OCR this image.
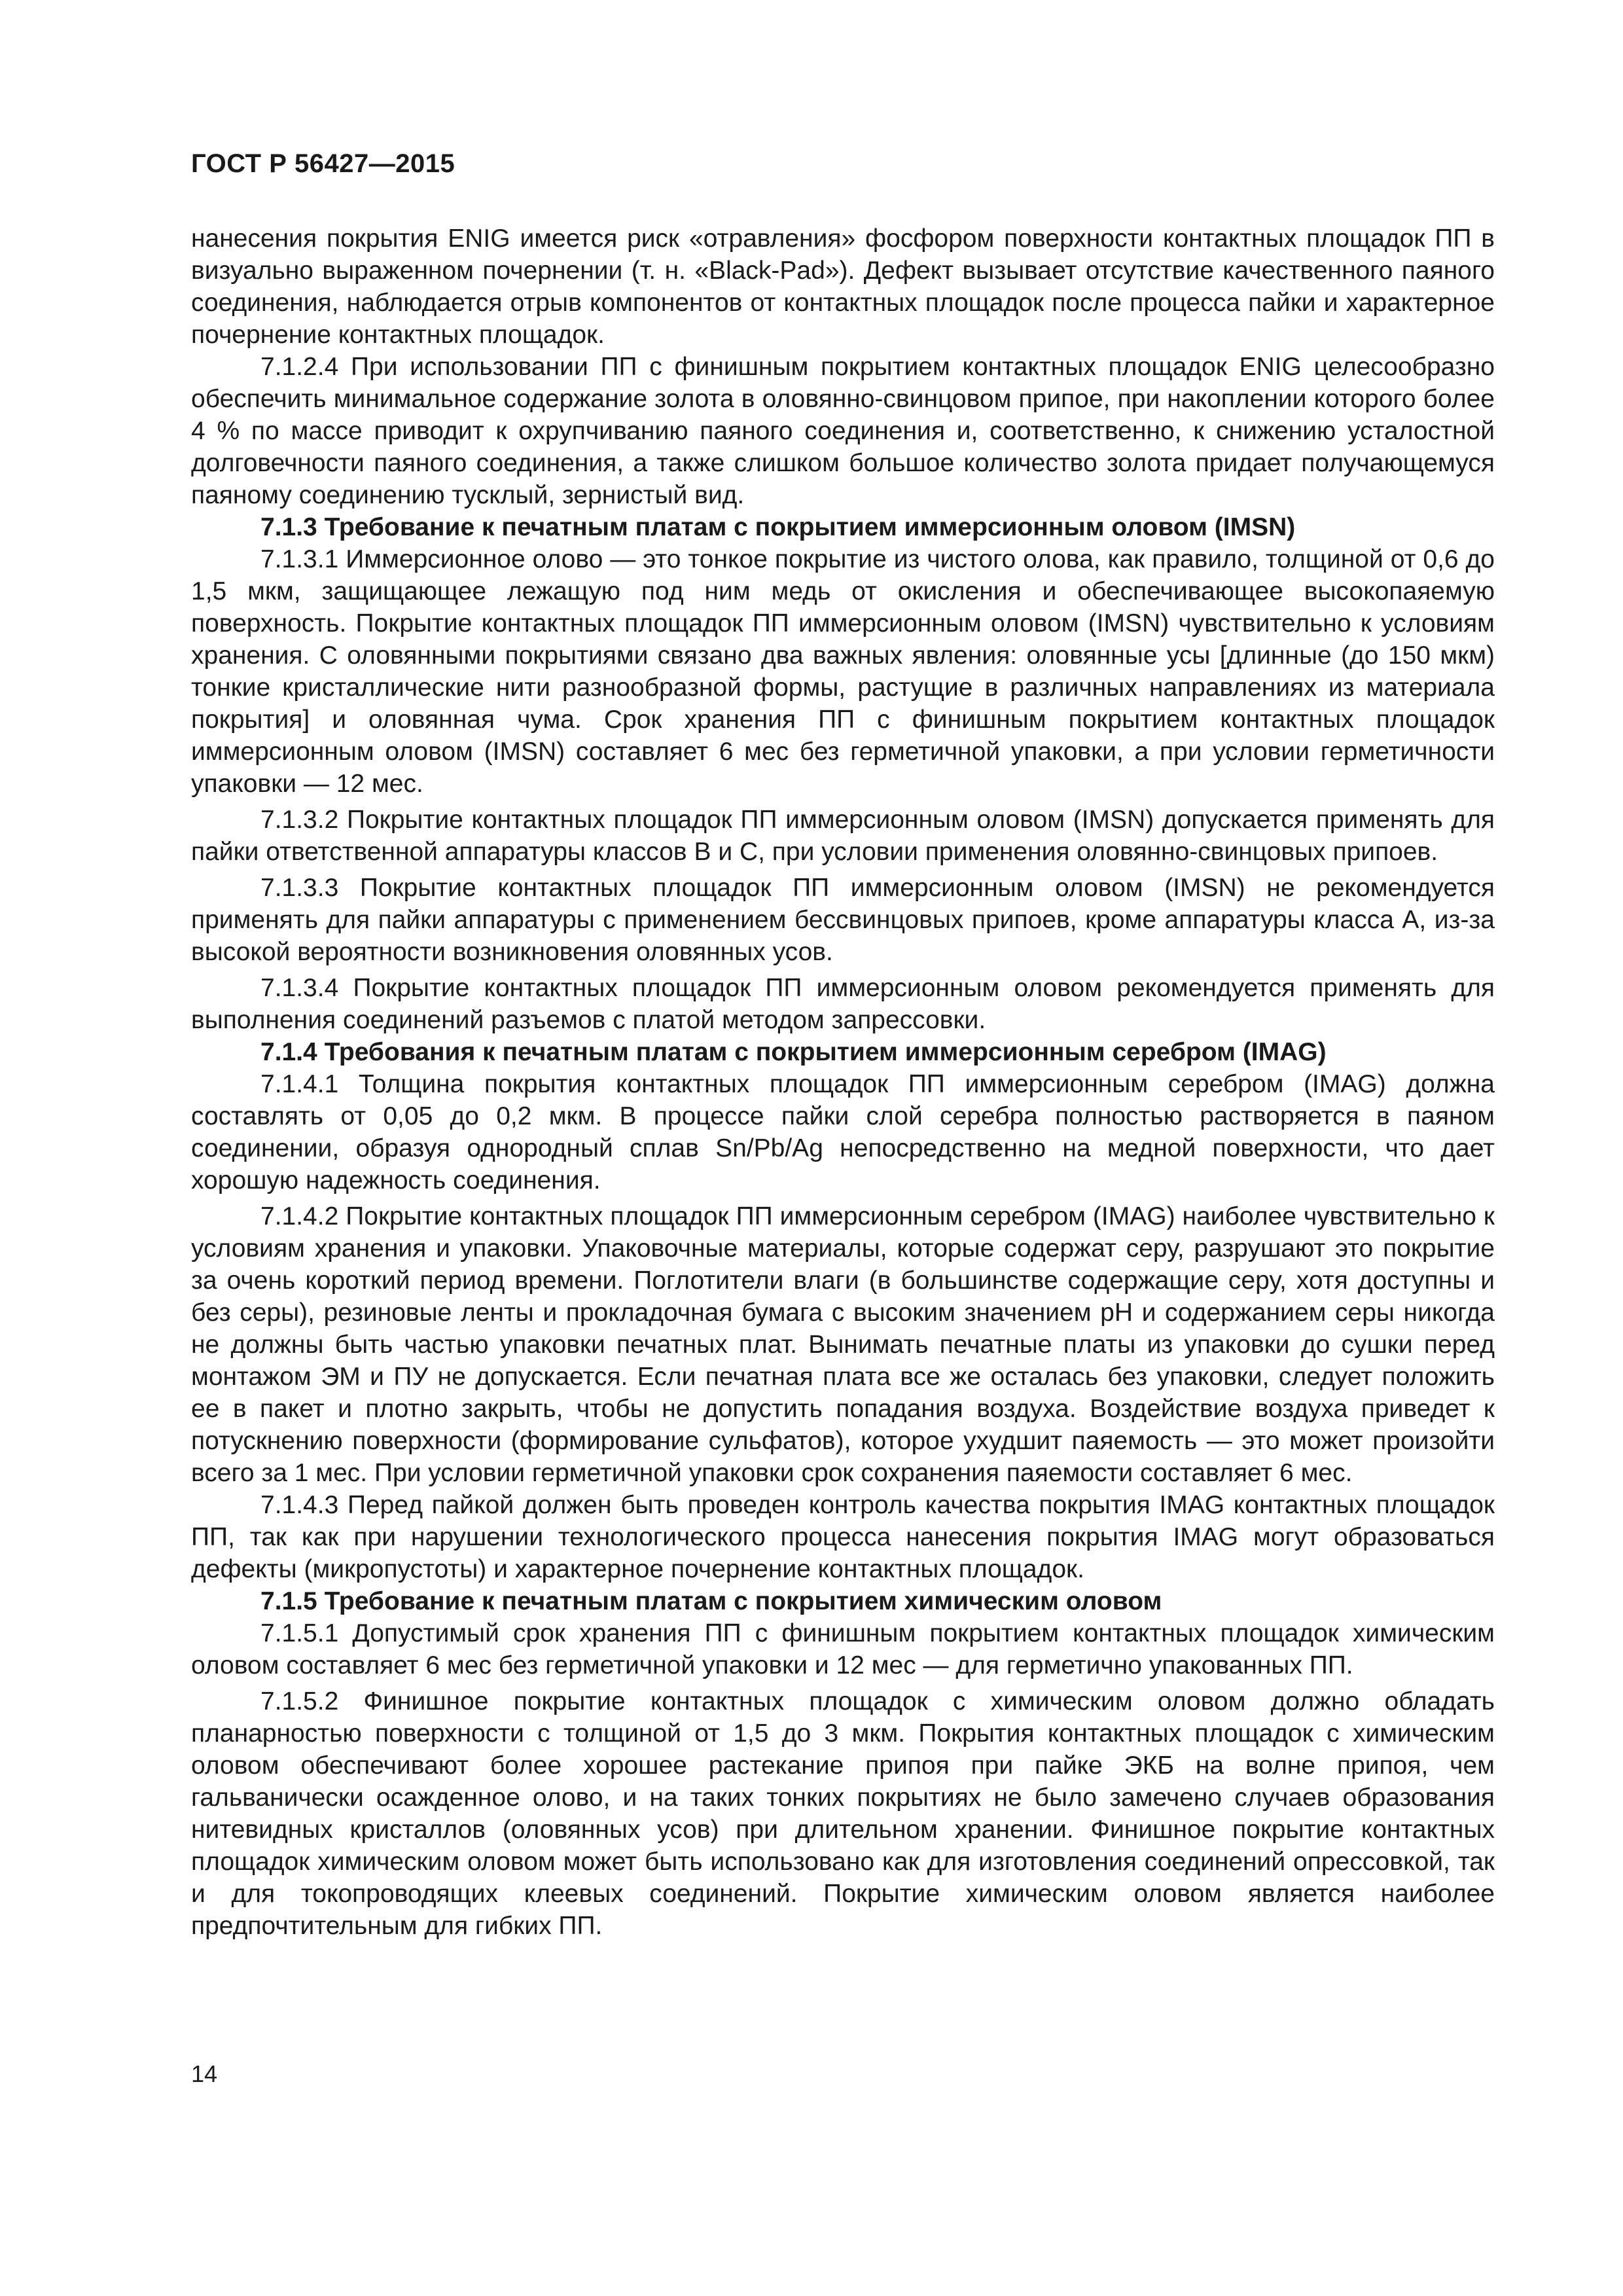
ГОСТ Р 56427—2015

нанесения покрытия ENIG имеется риск «отравления» фосфором поверхности контактных площадок ПП в визуально выраженном почернении (т. н. «Black-Pad»). Дефект вызывает отсутствие качественного паяного соединения, наблюдается отрыв компонентов от контактных площадок после процесса пайки и характерное почернение контактных площадок.

7.1.2.4 При использовании ПП с финишным покрытием контактных площадок ENIG целесообразно обеспечить минимальное содержание золота в оловянно-свинцовом припое, при накоплении которого более 4 % по массе приводит к охрупчиванию паяного соединения и, соответственно, к снижению усталостной долговечности паяного соединения, а также слишком большое количество золота придает получающемуся паяному соединению тусклый, зернистый вид.

7.1.3 Требование к печатным платам с покрытием иммерсионным оловом (IMSN)

7.1.3.1 Иммерсионное олово — это тонкое покрытие из чистого олова, как правило, толщиной от 0,6 до 1,5 мкм, защищающее лежащую под ним медь от окисления и обеспечивающее высокопаяемую поверхность. Покрытие контактных площадок ПП иммерсионным оловом (IMSN) чувствительно к условиям хранения. С оловянными покрытиями связано два важных явления: оловянные усы [длинные (до 150 мкм) тонкие кристаллические нити разнообразной формы, растущие в различных направлениях из материала покрытия] и оловянная чума. Срок хранения ПП с финишным покрытием контактных площадок иммерсионным оловом (IMSN) составляет 6 мес без герметичной упаковки, а при условии герметичности упаковки — 12 мес.

7.1.3.2 Покрытие контактных площадок ПП иммерсионным оловом (IMSN) допускается применять для пайки ответственной аппаратуры классов В и С, при условии применения оловянно-свинцовых припоев.

7.1.3.3 Покрытие контактных площадок ПП иммерсионным оловом (IMSN) не рекомендуется применять для пайки аппаратуры с применением бессвинцовых припоев, кроме аппаратуры класса А, из-за высокой вероятности возникновения оловянных усов.

7.1.3.4 Покрытие контактных площадок ПП иммерсионным оловом рекомендуется применять для выполнения соединений разъемов с платой методом запрессовки.

7.1.4 Требования к печатным платам с покрытием иммерсионным серебром (IMAG)

7.1.4.1 Толщина покрытия контактных площадок ПП иммерсионным серебром (IMAG) должна составлять от 0,05 до 0,2 мкм. В процессе пайки слой серебра полностью растворяется в паяном соединении, образуя однородный сплав Sn/Pb/Ag непосредственно на медной поверхности, что дает хорошую надежность соединения.

7.1.4.2 Покрытие контактных площадок ПП иммерсионным серебром (IMAG) наиболее чувствительно к условиям хранения и упаковки. Упаковочные материалы, которые содержат серу, разрушают это покрытие за очень короткий период времени. Поглотители влаги (в большинстве содержащие серу, хотя доступны и без серы), резиновые ленты и прокладочная бумага с высоким значением pH и содержанием серы никогда не должны быть частью упаковки печатных плат. Вынимать печатные платы из упаковки до сушки перед монтажом ЭМ и ПУ не допускается. Если печатная плата все же осталась без упаковки, следует положить ее в пакет и плотно закрыть, чтобы не допустить попадания воздуха. Воздействие воздуха приведет к потускнению поверхности (формирование сульфатов), которое ухудшит паяемость — это может произойти всего за 1 мес. При условии герметичной упаковки срок сохранения паяемости составляет 6 мес.

7.1.4.3 Перед пайкой должен быть проведен контроль качества покрытия IMAG контактных площадок ПП, так как при нарушении технологического процесса нанесения покрытия IMAG могут образоваться дефекты (микропустоты) и характерное почернение контактных площадок.

7.1.5 Требование к печатным платам с покрытием химическим оловом

7.1.5.1 Допустимый срок хранения ПП с финишным покрытием контактных площадок химическим оловом составляет 6 мес без герметичной упаковки и 12 мес — для герметично упакованных ПП.

7.1.5.2 Финишное покрытие контактных площадок с химическим оловом должно обладать планарностью поверхности с толщиной от 1,5 до 3 мкм. Покрытия контактных площадок с химическим оловом обеспечивают более хорошее растекание припоя при пайке ЭКБ на волне припоя, чем гальванически осажденное олово, и на таких тонких покрытиях не было замечено случаев образования нитевидных кристаллов (оловянных усов) при длительном хранении. Финишное покрытие контактных площадок химическим оловом может быть использовано как для изготовления соединений опрессовкой, так и для токопроводящих клеевых соединений. Покрытие химическим оловом является наиболее предпочтительным для гибких ПП.

14
